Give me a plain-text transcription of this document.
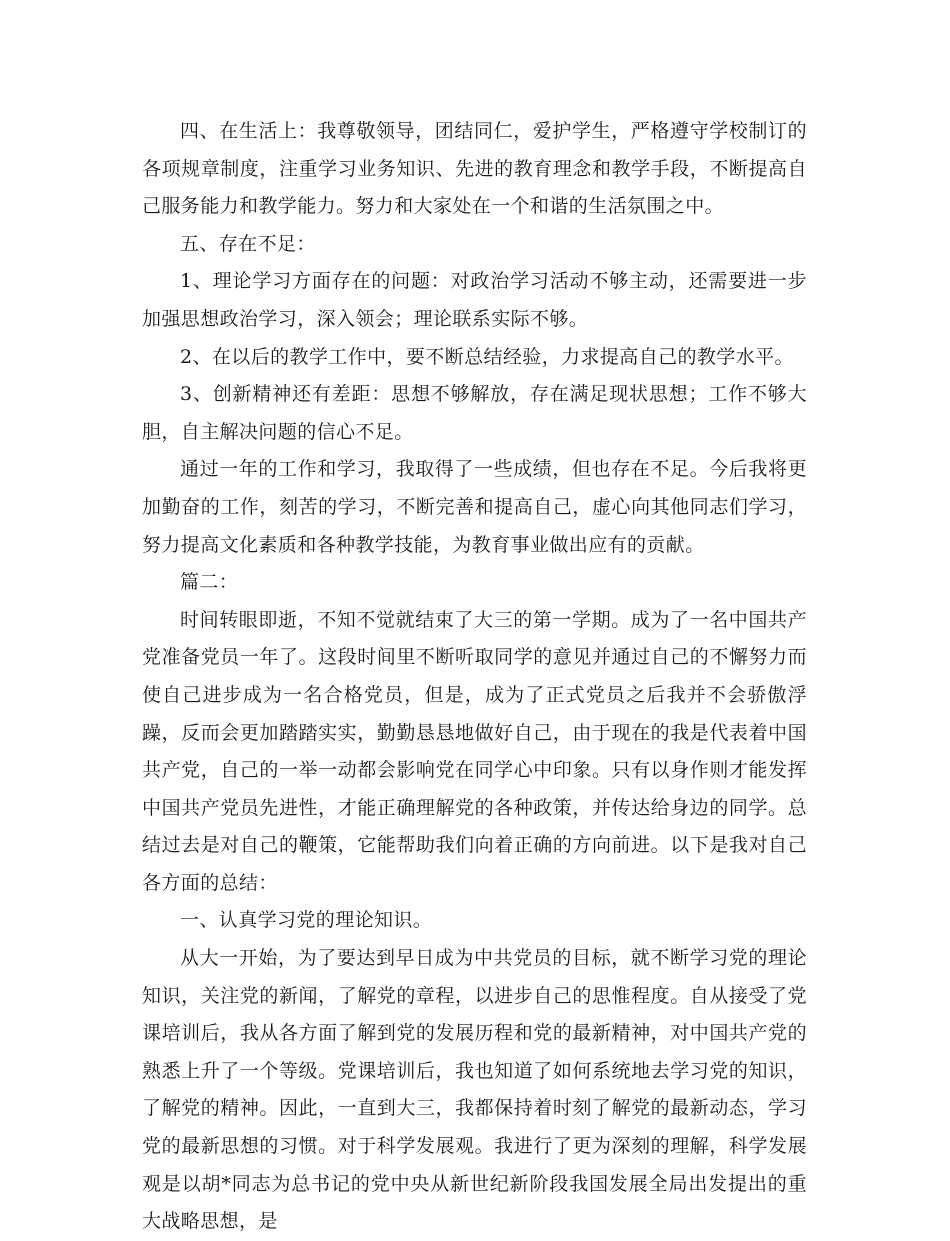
四、在生活上：我尊敬领导，团结同仁，爱护学生，严格遵守学校制订的各项规章制度，注重学习业务知识、先进的教育理念和教学手段，不断提高自己服务能力和教学能力。努力和大家处在一个和谐的生活氛围之中。

五、存在不足：

1、理论学习方面存在的问题：对政治学习活动不够主动，还需要进一步加强思想政治学习，深入领会；理论联系实际不够。

2、在以后的教学工作中，要不断总结经验，力求提高自己的教学水平。

3、创新精神还有差距：思想不够解放，存在满足现状思想；工作不够大胆，自主解决问题的信心不足。

通过一年的工作和学习，我取得了一些成绩，但也存在不足。今后我将更加勤奋的工作，刻苦的学习，不断完善和提高自己，虚心向其他同志们学习，努力提高文化素质和各种教学技能，为教育事业做出应有的贡献。

篇二：

时间转眼即逝，不知不觉就结束了大三的第一学期。成为了一名中国共产党准备党员一年了。这段时间里不断听取同学的意见并通过自己的不懈努力而使自己进步成为一名合格党员，但是，成为了正式党员之后我并不会骄傲浮躁，反而会更加踏踏实实，勤勤恳恳地做好自己，由于现在的我是代表着中国共产党，自己的一举一动都会影响党在同学心中印象。只有以身作则才能发挥中国共产党员先进性，才能正确理解党的各种政策，并传达给身边的同学。总结过去是对自己的鞭策，它能帮助我们向着正确的方向前进。以下是我对自己各方面的总结：

一、认真学习党的理论知识。

从大一开始，为了要达到早日成为中共党员的目标，就不断学习党的理论知识，关注党的新闻，了解党的章程，以进步自己的思惟程度。自从接受了党课培训后，我从各方面了解到党的发展历程和党的最新精神，对中国共产党的熟悉上升了一个等级。党课培训后，我也知道了如何系统地去学习党的知识，了解党的精神。因此，一直到大三，我都保持着时刻了解党的最新动态，学习党的最新思想的习惯。对于科学发展观。我进行了更为深刻的理解，科学发展观是以胡*同志为总书记的党中央从新世纪新阶段我国发展全局出发提出的重大战略思想，是
